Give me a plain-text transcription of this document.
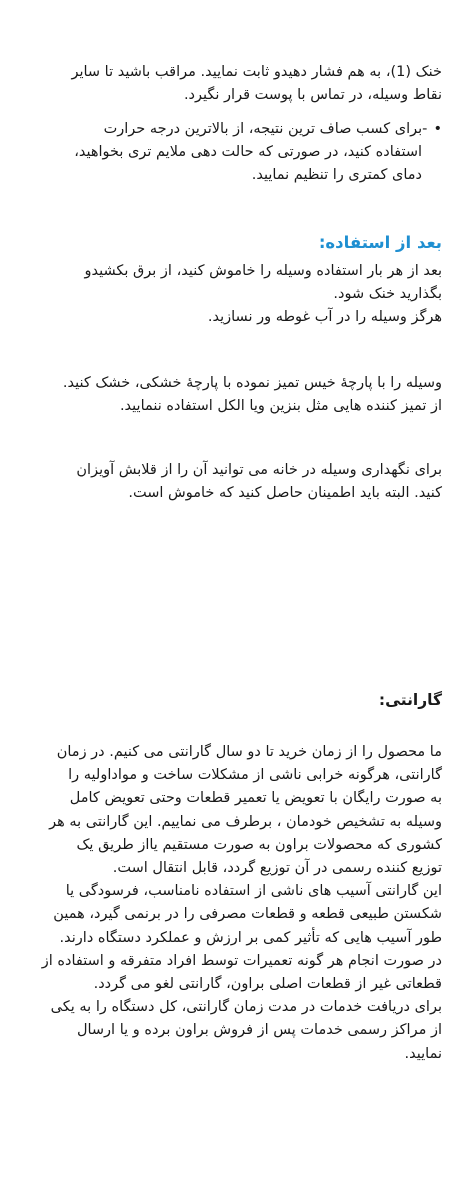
خنک (1)، به هم فشار دهیدو ثابت نمایید. مراقب باشید تا سایر
نقاط وسیله، در تماس با پوست قرار نگیرد.
• -برای کسب صاف ترین نتیجه، از بالاترین درجه حرارت
استفاده کنید، در صورتی که حالت دهی ملایم تری بخواهید،
دمای کمتری را تنظیم نمایید.
بعد از استفاده:
بعد از هر بار استفاده وسیله را خاموش کنید، از برق بکشیدو
بگذارید خنک شود.
هرگز وسیله را در آب غوطه ور نسازید.
وسیله را با پارچهٔ خیس تمیز نموده با پارچهٔ خشکی، خشک کنید.
از تمیز کننده هایی مثل بنزین ویا الکل استفاده ننمایید.
برای نگهداری وسیله در خانه می توانید آن را از قلابش آویزان
کنید. البته باید اطمینان حاصل کنید که خاموش است.
گارانتی:
ما محصول را از زمان خرید تا دو سال گارانتی می کنیم. در زمان
گارانتی، هرگونه خرابی ناشی از مشکلات ساخت و مواداولیه را
به صورت رایگان با تعویض یا تعمیر قطعات وحتی تعویض کامل
وسیله به تشخیص خودمان ، برطرف می نماییم. این گارانتی به هر
کشوری که محصولات براون به صورت مستقیم یااز طریق یک
توزیع کننده رسمی در آن توزیع گردد، قابل انتقال است.
این گارانتی آسیب های ناشی از استفاده نامناسب، فرسودگی یا
شکستن طبیعی قطعه و قطعات مصرفی را در برنمی گیرد، همین
طور آسیب هایی که تأثیر کمی بر ارزش و عملکرد دستگاه دارند.
در صورت انجام هر گونه تعمیرات توسط افراد متفرقه و استفاده از
قطعاتی غیر از قطعات اصلی براون، گارانتی لغو می گردد.
برای دریافت خدمات در مدت زمان گارانتی، کل دستگاه را به یکی
از مراکز رسمی خدمات پس از فروش براون برده و یا ارسال
نمایید.
